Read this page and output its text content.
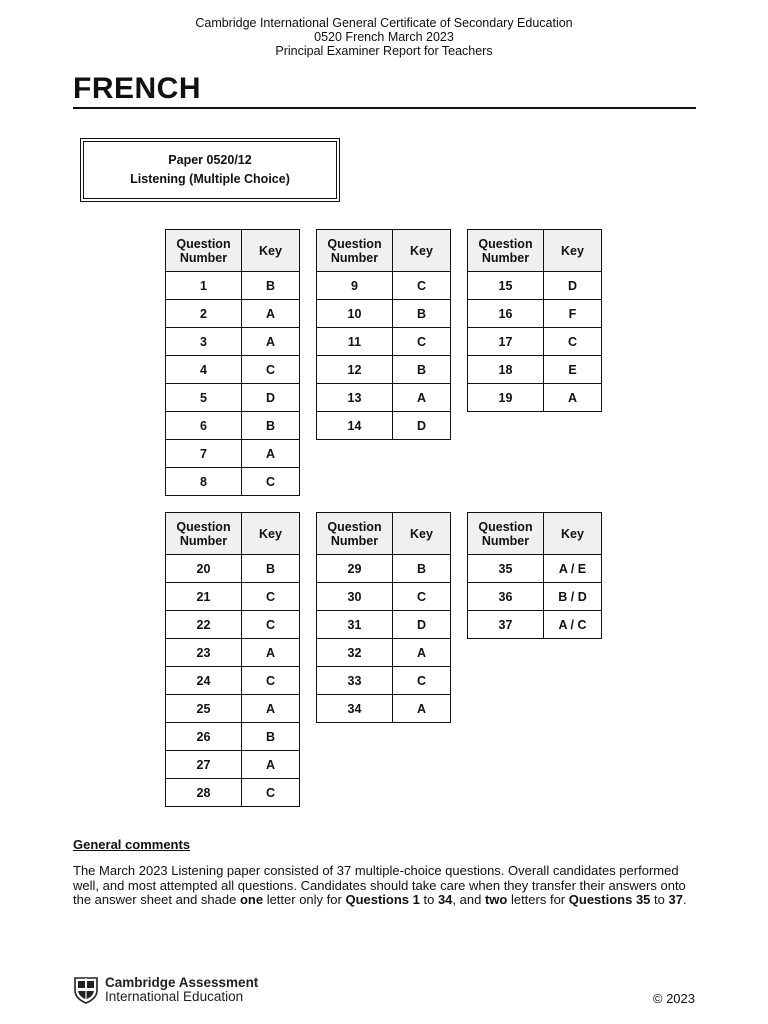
Cambridge International General Certificate of Secondary Education
0520 French March 2023
Principal Examiner Report for Teachers
FRENCH
Paper 0520/12
Listening (Multiple Choice)
Question
Number	Key
1	B
2	A
3	A
4	C
5	D
6	B
7	A
8	C
Question
Number	Key
9	C
10	B
11	C
12	B
13	A
14	D
Question
Number	Key
15	D
16	F
17	C
18	E
19	A
Question
Number	Key
20	B
21	C
22	C
23	A
24	C
25	A
26	B
27	A
28	C
Question
Number	Key
29	B
30	C
31	D
32	A
33	C
34	A
Question
Number	Key
35	A / E
36	B / D
37	A / C
General comments
The March 2023 Listening paper consisted of 37 multiple-choice questions. Overall candidates performed well, and most attempted all questions. Candidates should take care when they transfer their answers onto the answer sheet and shade one letter only for Questions 1 to 34, and two letters for Questions 35 to 37.
Cambridge Assessment
International Education	© 2023
